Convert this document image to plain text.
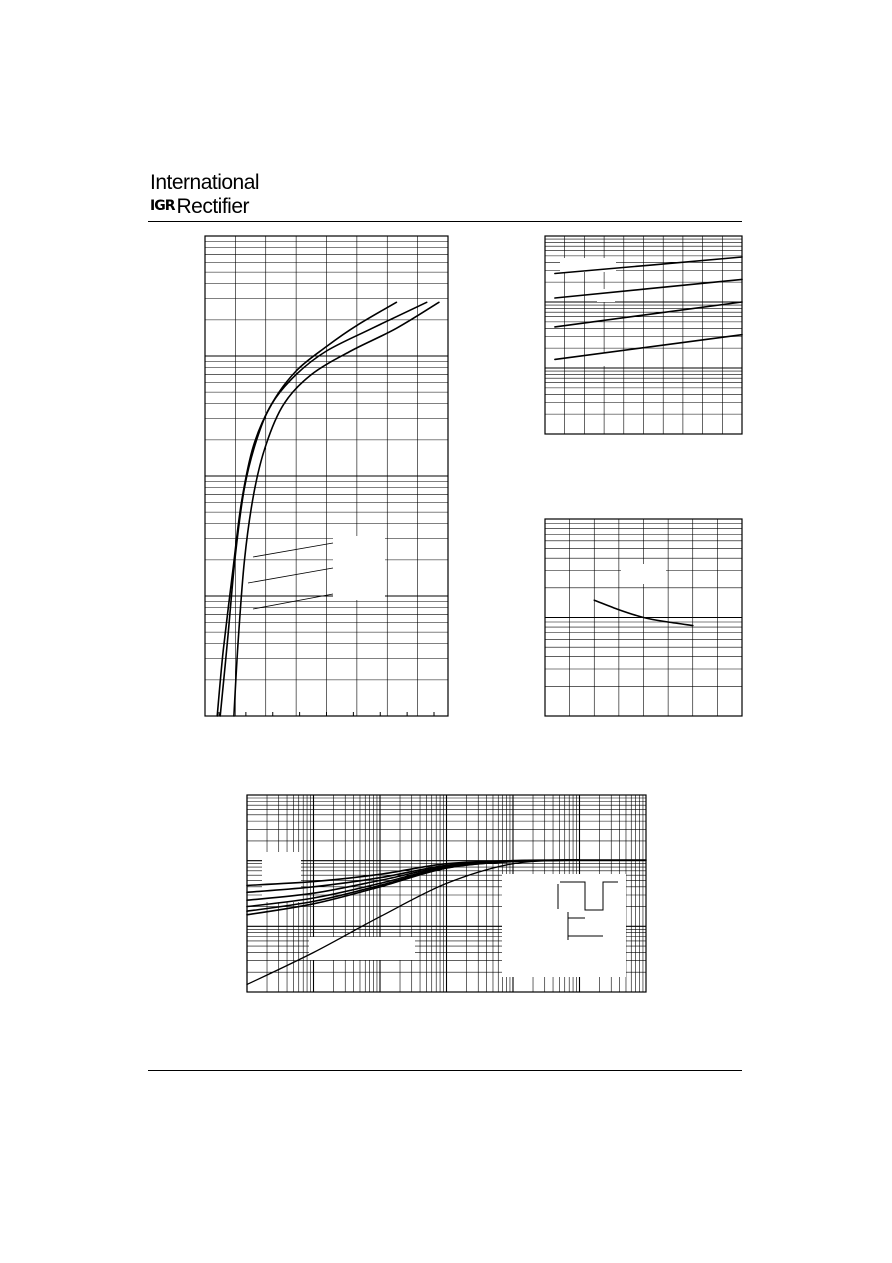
International
IGRRectifier
